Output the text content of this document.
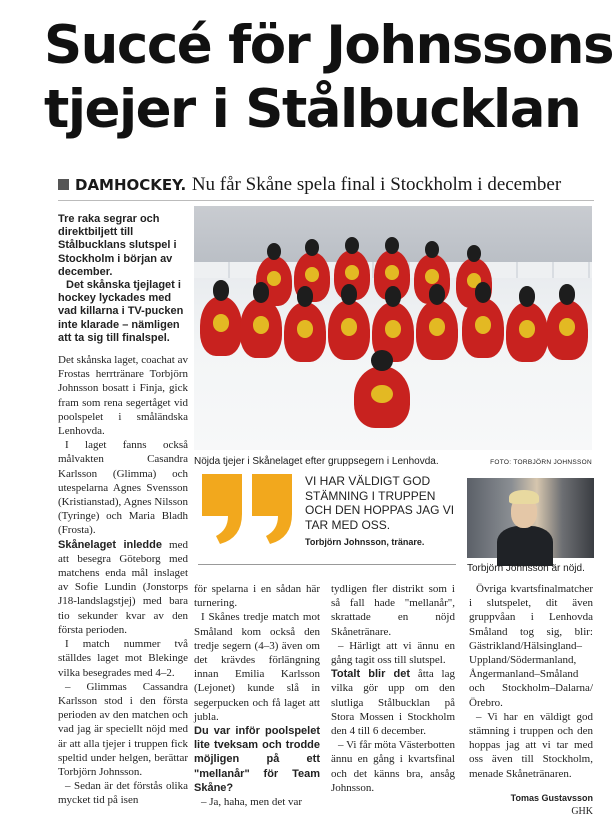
Succé för Johnssons
tjejer i Stålbucklan
DAMHOCKEY. Nu får Skåne spela final i Stockholm i december

Tre raka segrar och direktbiljett till Stålbucklans slutspel i Stockholm i början av december.

Det skånska tjejlaget i hockey lyckades med vad killarna i TV-pucken inte klarade – nämligen att ta sig till finalspel.

Det skånska laget, coachat av Frostas herrtränare Torbjörn Johnsson bosatt i Finja, gick fram som rena segertåget vid poolspelet i småländska Lenhovda.

I laget fanns också målvakten Casandra Karlsson (Glimma) och utespelarna Agnes Svensson (Kristianstad), Agnes Nilsson (Tyringe) och Maria Bladh (Frosta).

Skånelaget inledde med att besegra Göteborg med matchens enda mål inslaget av Sofie Lundin (Jonstorps J18-landslagstjej) med bara tio sekunder kvar av den första perioden.

I match nummer två ställdes laget mot Blekinge vilka besegrades med 4–2.

– Glimmas Cassandra Karlsson stod i den första perioden av den matchen och vad jag är speciellt nöjd med är att alla tjejer i truppen fick speltid under helgen, berättar Torbjörn Johnsson.

– Sedan är det förstås olika mycket tid på isen

Nöjda tjejer i Skånelaget efter gruppsegern i Lenhovda.	FOTO: TORBJÖRN JOHNSSON
VI HAR VÄLDIGT GOD STÄMNING I TRUPPEN OCH DEN HOPPAS JAG VI TAR MED OSS.
Torbjörn Johnsson, tränare.
Torbjörn Johnsson är nöjd.

för spelarna i en sådan här turnering.

I Skånes tredje match mot Småland kom också den tredje segern (4–3) även om det krävdes förlängning innan Emilia Karlsson (Lejonet) kunde slå in segerpucken och få laget att jubla.

Du var inför poolspelet lite tveksam och trodde möjligen på ett "mellanår" för Team Skåne?

– Ja, haha, men det var

tydligen fler distrikt som i så fall hade "mellanår", skrattade en nöjd Skånetränare.

– Härligt att vi ännu en gång tagit oss till slutspel.

Totalt blir det åtta lag vilka gör upp om den slutliga Stålbucklan på Stora Mossen i Stockholm den 4 till 6 december.

– Vi får möta Västerbotten ännu en gång i kvartsfinal och det känns bra, ansåg Johnsson.

Övriga kvartsfinalmatcher i slutspelet, dit även gruppvåan i Lenhovda Småland tog sig, blir: Gästrikland/Hälsingland–Uppland/Södermanland, Ångermanland–Småland och Stockholm–Dalarna/Örebro.

– Vi har en väldigt god stämning i truppen och den hoppas jag att vi tar med oss även till Stockholm, menade Skånetränaren.

Tomas Gustavsson

GHK
